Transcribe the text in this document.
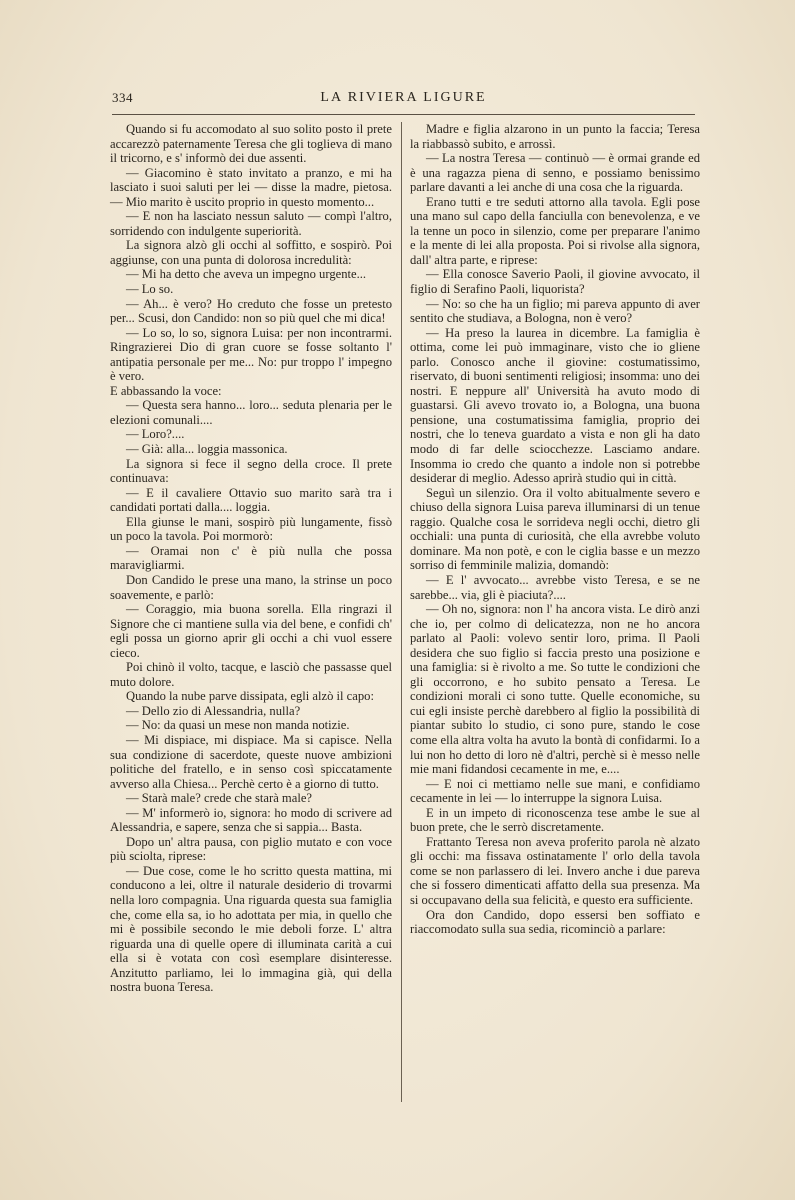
334	LA RIVIERA LIGURE

Quando si fu accomodato al suo solito posto il prete accarezzò paternamente Teresa che gli toglieva di mano il tricorno, e s' informò dei due assenti.

— Giacomino è stato invitato a pranzo, e mi ha lasciato i suoi saluti per lei — disse la madre, pietosa. — Mio marito è uscito proprio in questo momento...

— E non ha lasciato nessun saluto — compì l'altro, sorridendo con indulgente superiorità.

La signora alzò gli occhi al soffitto, e sospirò. Poi aggiunse, con una punta di dolorosa incredulità:

— Mi ha detto che aveva un impegno urgente...

— Lo so.

— Ah... è vero? Ho creduto che fosse un pretesto per... Scusi, don Candido: non so più quel che mi dica!

— Lo so, lo so, signora Luisa: per non incontrarmi. Ringrazierei Dio di gran cuore se fosse soltanto l' antipatia personale per me... No: pur troppo l' impegno è vero.

E abbassando la voce:

— Questa sera hanno... loro... seduta plenaria per le elezioni comunali....

— Loro?....

— Già: alla... loggia massonica.

La signora si fece il segno della croce. Il prete continuava:

— E il cavaliere Ottavio suo marito sarà tra i candidati portati dalla.... loggia.

Ella giunse le mani, sospirò più lungamente, fissò un poco la tavola. Poi mormorò:

— Oramai non c' è più nulla che possa maravigliarmi.

Don Candido le prese una mano, la strinse un poco soavemente, e parlò:

— Coraggio, mia buona sorella. Ella ringrazi il Signore che ci mantiene sulla via del bene, e confidi ch' egli possa un giorno aprir gli occhi a chi vuol essere cieco.

Poi chinò il volto, tacque, e lasciò che passasse quel muto dolore.

Quando la nube parve dissipata, egli alzò il capo:

— Dello zio di Alessandria, nulla?

— No: da quasi un mese non manda notizie.

— Mi dispiace, mi dispiace. Ma si capisce. Nella sua condizione di sacerdote, queste nuove ambizioni politiche del fratello, e in senso così spiccatamente avverso alla Chiesa... Perchè certo è a giorno di tutto.

— Starà male? crede che starà male?

— M' informerò io, signora: ho modo di scrivere ad Alessandria, e sapere, senza che si sappia... Basta.

Dopo un' altra pausa, con piglio mutato e con voce più sciolta, riprese:

— Due cose, come le ho scritto questa mattina, mi conducono a lei, oltre il naturale desiderio di trovarmi nella loro compagnia. Una riguarda questa sua famiglia che, come ella sa, io ho adottata per mia, in quello che mi è possibile secondo le mie deboli forze. L' altra riguarda una di quelle opere di illuminata carità a cui ella si è votata con così esemplare disinteresse. Anzitutto parliamo, lei lo immagina già, qui della nostra buona Teresa.

Madre e figlia alzarono in un punto la faccia; Teresa la riabbassò subito, e arrossì.

— La nostra Teresa — continuò — è ormai grande ed è una ragazza piena di senno, e possiamo benissimo parlare davanti a lei anche di una cosa che la riguarda.

Erano tutti e tre seduti attorno alla tavola. Egli pose una mano sul capo della fanciulla con benevolenza, e ve la tenne un poco in silenzio, come per preparare l'animo e la mente di lei alla proposta. Poi si rivolse alla signora, dall' altra parte, e riprese:

— Ella conosce Saverio Paoli, il giovine avvocato, il figlio di Serafino Paoli, liquorista?

— No: so che ha un figlio; mi pareva appunto di aver sentito che studiava, a Bologna, non è vero?

— Ha preso la laurea in dicembre. La famiglia è ottima, come lei può immaginare, visto che io gliene parlo. Conosco anche il giovine: costumatissimo, riservato, di buoni sentimenti religiosi; insomma: uno dei nostri. E neppure all' Università ha avuto modo di guastarsi. Gli avevo trovato io, a Bologna, una buona pensione, una costumatissima famiglia, proprio dei nostri, che lo teneva guardato a vista e non gli ha dato modo di far delle sciocchezze. Lasciamo andare. Insomma io credo che quanto a indole non si potrebbe desiderar di meglio. Adesso aprirà studio qui in città.

Seguì un silenzio. Ora il volto abitualmente severo e chiuso della signora Luisa pareva illuminarsi di un tenue raggio. Qualche cosa le sorrideva negli occhi, dietro gli occhiali: una punta di curiosità, che ella avrebbe voluto dominare. Ma non potè, e con le ciglia basse e un mezzo sorriso di femminile malizia, domandò:

— E l' avvocato... avrebbe visto Teresa, e se ne sarebbe... via, gli è piaciuta?....

— Oh no, signora: non l' ha ancora vista. Le dirò anzi che io, per colmo di delicatezza, non ne ho ancora parlato al Paoli: volevo sentir loro, prima. Il Paoli desidera che suo figlio si faccia presto una posizione e una famiglia: si è rivolto a me. So tutte le condizioni che gli occorrono, e ho subito pensato a Teresa. Le condizioni morali ci sono tutte. Quelle economiche, su cui egli insiste perchè darebbero al figlio la possibilità di piantar subito lo studio, ci sono pure, stando le cose come ella altra volta ha avuto la bontà di confidarmi. Io a lui non ho detto di loro nè d'altri, perchè si è messo nelle mie mani fidandosi cecamente in me, e....

— E noi ci mettiamo nelle sue mani, e confidiamo cecamente in lei — lo interruppe la signora Luisa.

E in un impeto di riconoscenza tese ambe le sue al buon prete, che le serrò discretamente.

Frattanto Teresa non aveva proferito parola nè alzato gli occhi: ma fissava ostinatamente l' orlo della tavola come se non parlassero di lei. Invero anche i due pareva che si fossero dimenticati affatto della sua presenza. Ma si occupavano della sua felicità, e questo era sufficiente.

Ora don Candido, dopo essersi ben soffiato e riaccomodato sulla sua sedia, ricominciò a parlare:
